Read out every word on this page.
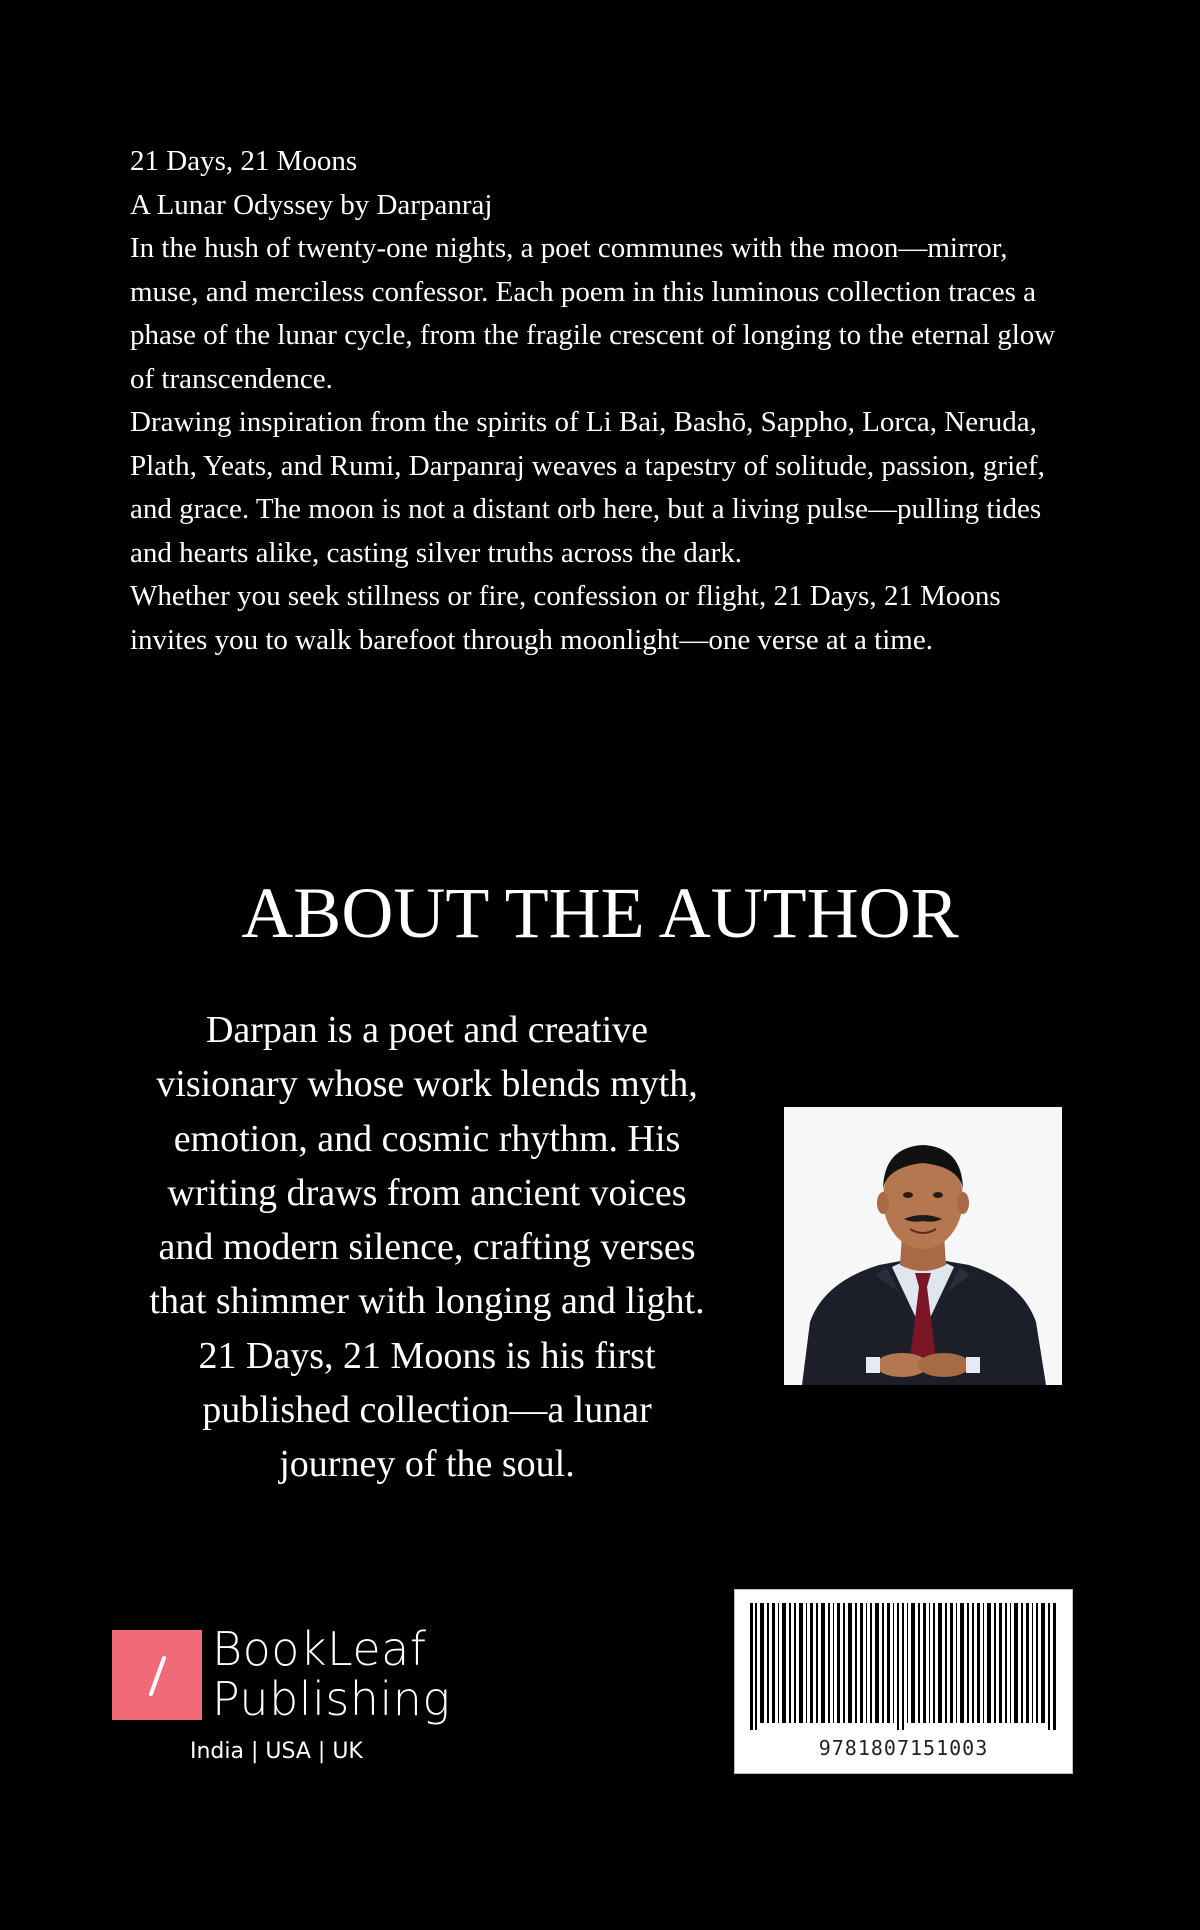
21 Days, 21 Moons

A Lunar Odyssey by Darpanraj

In the hush of twenty-one nights, a poet communes with the moon—mirror, muse, and merciless confessor. Each poem in this luminous collection traces a phase of the lunar cycle, from the fragile crescent of longing to the eternal glow of transcendence.

Drawing inspiration from the spirits of Li Bai, Bashō, Sappho, Lorca, Neruda, Plath, Yeats, and Rumi, Darpanraj weaves a tapestry of solitude, passion, grief, and grace. The moon is not a distant orb here, but a living pulse—pulling tides and hearts alike, casting silver truths across the dark.

Whether you seek stillness or fire, confession or flight, 21 Days, 21 Moons invites you to walk barefoot through moonlight—one verse at a time.

ABOUT THE AUTHOR
Darpan is a poet and creative
visionary whose work blends myth,
emotion, and cosmic rhythm. His
writing draws from ancient voices
and modern silence, crafting verses
that shimmer with longing and light.
21 Days, 21 Moons is his first
published collection—a lunar
journey of the soul.
BookLeaf
Publishing
India | USA | UK	9781807151003
